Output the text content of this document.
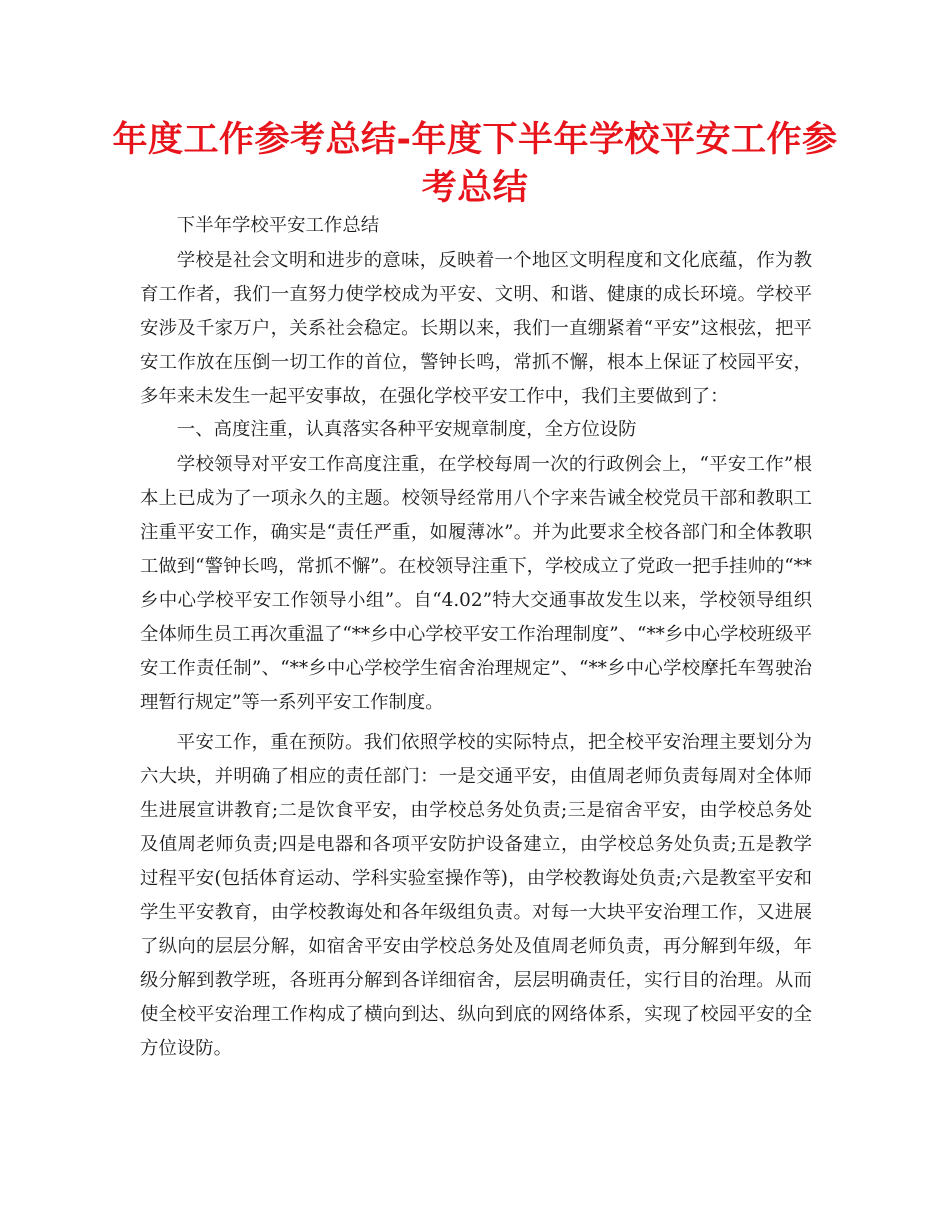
年度工作参考总结-年度下半年学校平安工作参考总结

下半年学校平安工作总结

学校是社会文明和进步的意味，反映着一个地区文明程度和文化底蕴，作为教育工作者，我们一直努力使学校成为平安、文明、和谐、健康的成长环境。学校平安涉及千家万户，关系社会稳定。长期以来，我们一直绷紧着“平安”这根弦，把平安工作放在压倒一切工作的首位，警钟长鸣，常抓不懈，根本上保证了校园平安，多年来未发生一起平安事故，在强化学校平安工作中，我们主要做到了：

一、高度注重，认真落实各种平安规章制度，全方位设防

学校领导对平安工作高度注重，在学校每周一次的行政例会上，“平安工作”根本上已成为了一项永久的主题。校领导经常用八个字来告诫全校党员干部和教职工注重平安工作，确实是“责任严重，如履薄冰”。并为此要求全校各部门和全体教职工做到“警钟长鸣，常抓不懈”。在校领导注重下，学校成立了党政一把手挂帅的“**乡中心学校平安工作领导小组”。自“4.02”特大交通事故发生以来，学校领导组织全体师生员工再次重温了“**乡中心学校平安工作治理制度”、“**乡中心学校班级平安工作责任制”、“**乡中心学校学生宿舍治理规定”、“**乡中心学校摩托车驾驶治理暂行规定”等一系列平安工作制度。

平安工作，重在预防。我们依照学校的实际特点，把全校平安治理主要划分为六大块，并明确了相应的责任部门：一是交通平安，由值周老师负责每周对全体师生进展宣讲教育;二是饮食平安，由学校总务处负责;三是宿舍平安，由学校总务处及值周老师负责;四是电器和各项平安防护设备建立，由学校总务处负责;五是教学过程平安(包括体育运动、学科实验室操作等)，由学校教诲处负责;六是教室平安和学生平安教育，由学校教诲处和各年级组负责。对每一大块平安治理工作，又进展了纵向的层层分解，如宿舍平安由学校总务处及值周老师负责，再分解到年级，年级分解到教学班，各班再分解到各详细宿舍，层层明确责任，实行目的治理。从而使全校平安治理工作构成了横向到达、纵向到底的网络体系，实现了校园平安的全方位设防。
